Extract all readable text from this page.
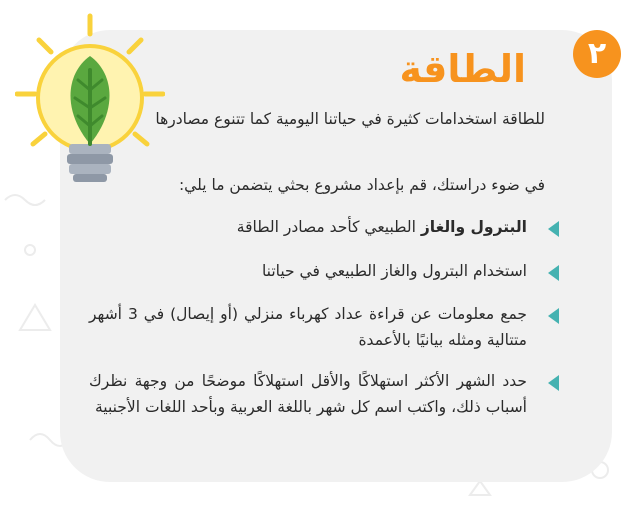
٢
الطاقة

للطاقة استخدامات كثيرة في حياتنا اليومية كما تتنوع مصادرها

في ضوء دراستك، قم بإعداد مشروع بحثي يتضمن ما يلي:

البترول والغاز الطبيعي كأحد مصادر الطاقة
استخدام البترول والغاز الطبيعي في حياتنا
جمع معلومات عن قراءة عداد كهرباء منزلي (أو إيصال) في 3 أشهر متتالية ومثله بيانيًا بالأعمدة
حدد الشهر الأكثر استهلاكًا والأقل استهلاكًا موضحًا من وجهة نظرك أسباب ذلك، واكتب اسم كل شهر باللغة العربية وبأحد اللغات الأجنبية
